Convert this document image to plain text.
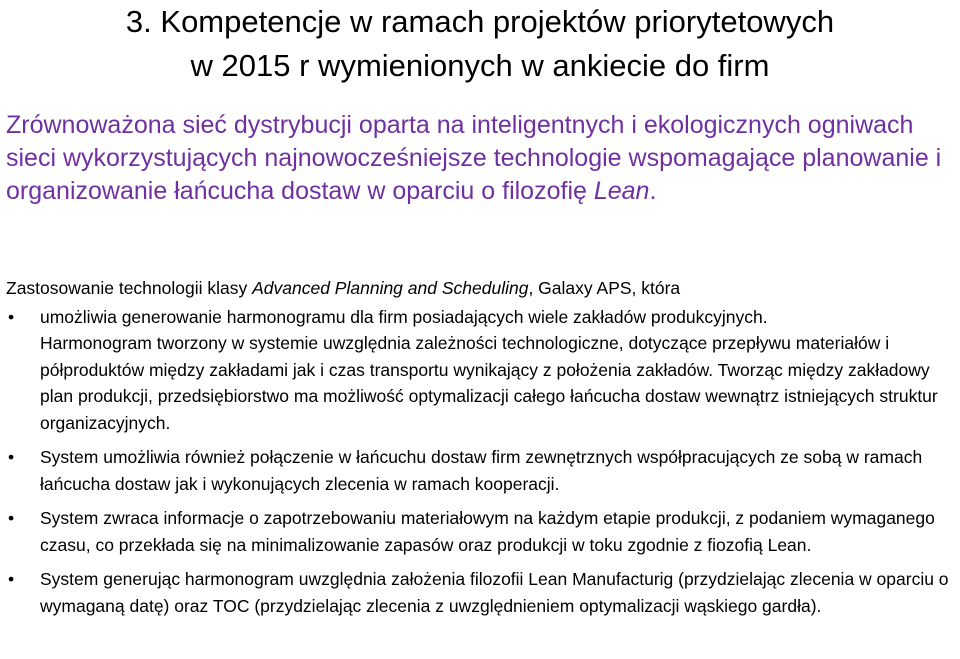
3. Kompetencje w ramach projektów priorytetowych
w 2015 r wymienionych w ankiecie do firm
Zrównoważona sieć dystrybucji oparta na inteligentnych i ekologicznych ogniwach sieci wykorzystujących najnowocześniejsze technologie wspomagające planowanie i organizowanie łańcucha dostaw w oparciu o filozofię Lean.
Zastosowanie technologii klasy Advanced Planning and Scheduling, Galaxy APS, która
• umożliwia generowanie harmonogramu dla firm posiadających wiele zakładów produkcyjnych.
Harmonogram tworzony w systemie uwzględnia zależności technologiczne, dotyczące przepływu materiałów i półproduktów między zakładami jak i czas transportu wynikający z położenia zakładów. Tworząc między zakładowy plan produkcji, przedsiębiorstwo ma możliwość optymalizacji całego łańcucha dostaw wewnątrz istniejących struktur organizacyjnych.
• System umożliwia również połączenie w łańcuchu dostaw firm zewnętrznych współpracujących ze sobą w ramach łańcucha dostaw jak i wykonujących zlecenia w ramach kooperacji.
• System zwraca informacje o zapotrzebowaniu materiałowym na każdym etapie produkcji, z podaniem wymaganego czasu, co przekłada się na minimalizowanie zapasów oraz produkcji w toku zgodnie z fiozofią Lean.
• System generując harmonogram uwzględnia założenia filozofii Lean Manufacturig (przydzielając zlecenia w oparciu o wymaganą datę) oraz TOC (przydzielając zlecenia z uwzględnieniem optymalizacji wąskiego gardła).
